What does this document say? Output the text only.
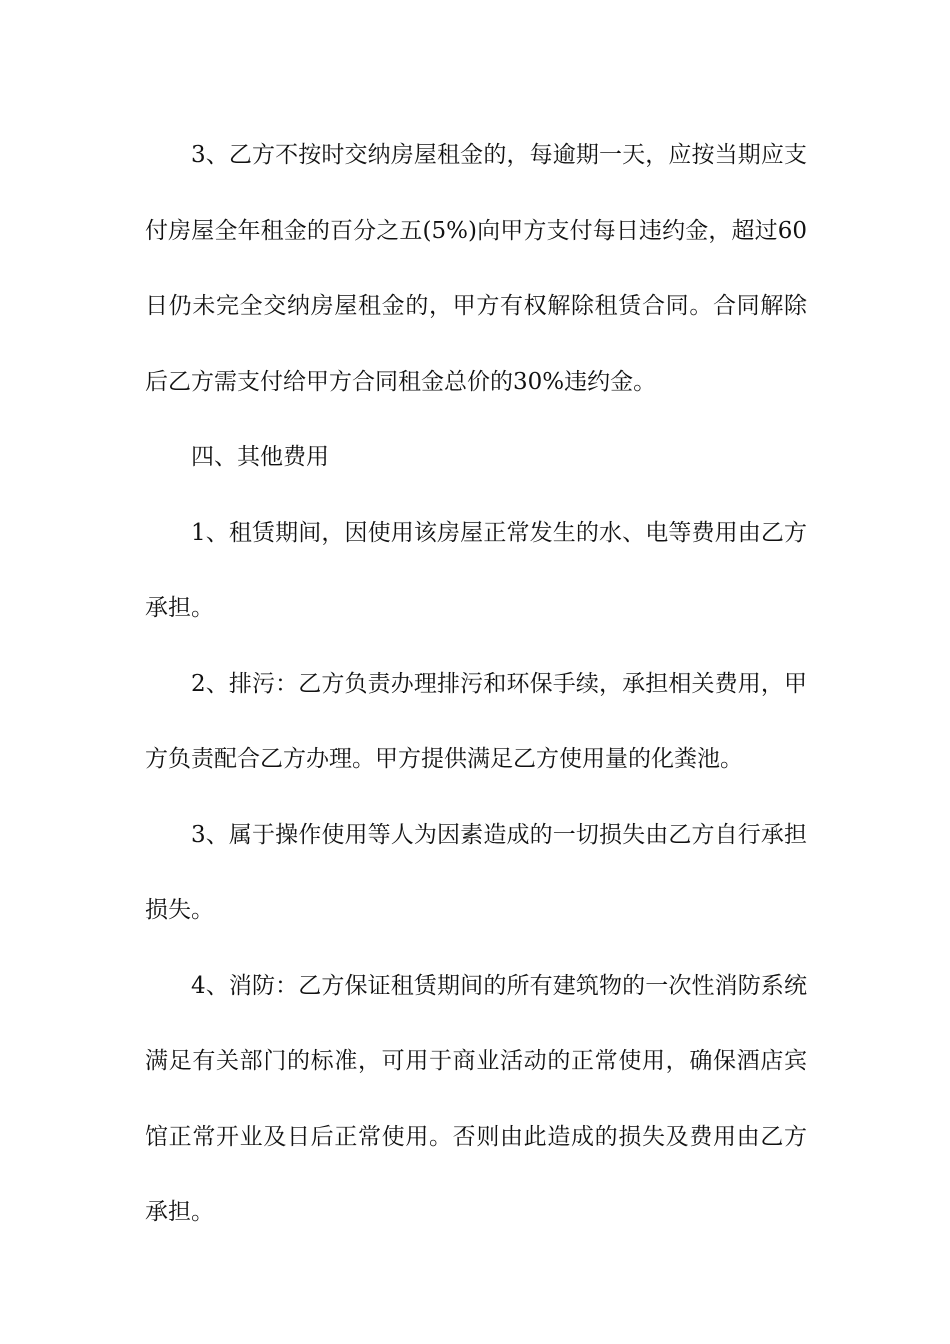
3、乙方不按时交纳房屋租金的，每逾期一天，应按当期应支付房屋全年租金的百分之五(5%)向甲方支付每日违约金，超过60日仍未完全交纳房屋租金的，甲方有权解除租赁合同。合同解除后乙方需支付给甲方合同租金总价的30%违约金。

四、其他费用

1、租赁期间，因使用该房屋正常发生的水、电等费用由乙方承担。

2、排污：乙方负责办理排污和环保手续，承担相关费用，甲方负责配合乙方办理。甲方提供满足乙方使用量的化粪池。

3、属于操作使用等人为因素造成的一切损失由乙方自行承担损失。

4、消防：乙方保证租赁期间的所有建筑物的一次性消防系统满足有关部门的标准，可用于商业活动的正常使用，确保酒店宾馆正常开业及日后正常使用。否则由此造成的损失及费用由乙方承担。
